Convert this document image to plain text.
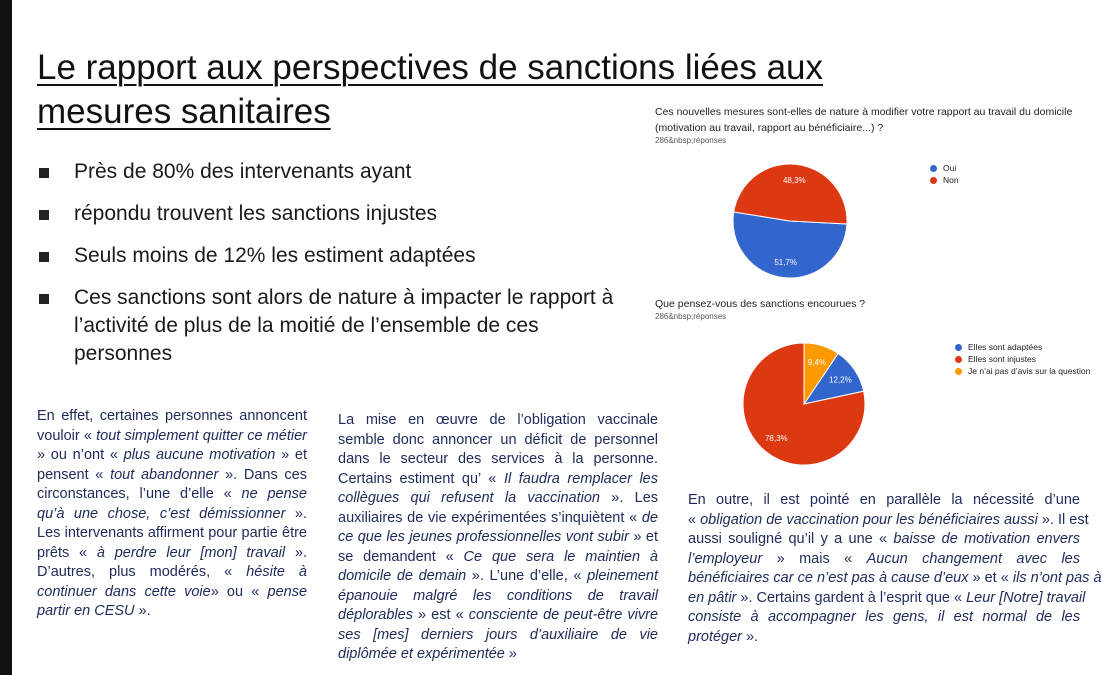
Le rapport aux perspectives de sanctions liées aux mesures sanitaires
Près de 80% des intervenants ayant
répondu trouvent les sanctions injustes
Seuls moins de 12% les estiment adaptées
Ces sanctions sont alors de nature à impacter le rapport à l’activité de plus de la moitié de l’ensemble de ces personnes

En effet, certaines personnes annoncent vouloir « tout simplement quitter ce métier » ou n’ont « plus aucune motivation » et pensent « tout abandonner ». Dans ces circonstances, l’une d’elle « ne pense qu’à une chose, c’est démissionner ». Les intervenants affirment pour partie être prêts « à perdre leur [mon] travail ». D’autres, plus modérés, « hésite à continuer dans cette voie» ou « pense partir en CESU ».

La mise en œuvre de l’obligation vaccinale semble donc annoncer un déficit de personnel dans le secteur des services à la personne. Certains estiment qu’ « Il faudra remplacer les collègues qui refusent la vaccination ». Les auxiliaires de vie expérimentées s’inquiètent « de ce que les jeunes professionnelles vont subir » et se demandent « Ce que sera le maintien à domicile de demain ». L’une d’elle, « pleinement épanouie malgré les conditions de travail déplorables » est « consciente de peut-être vivre ses [mes] derniers jours d’auxiliaire de vie diplômée et expérimentée »

En outre, il est pointé en parallèle la nécessité d’une
« obligation de vaccination pour les bénéficiaires aussi ». Il est
aussi souligné qu’il y a une « baisse de motivation envers
l’employeur » mais « Aucun changement avec les
bénéficiaires car ce n’est pas à cause d’eux » et « ils n’ont pas à
en pâtir ». Certains gardent à l’esprit que « Leur [Notre] travail
consiste à accompagner les gens, il est normal de les
protéger ».
Ces nouvelles mesures sont-elles de nature à modifier votre rapport au travail du domicile (motivation au travail, rapport au bénéficiaire...) ?
286&nbsp;réponses
51,7%
48,3%
Oui
Non
Que pensez-vous des sanctions encourues ?
286&nbsp;réponses
12,2%
78,3%
9,4%
Elles sont adaptées
Elles sont injustes
Je n’ai pas d’avis sur la question
